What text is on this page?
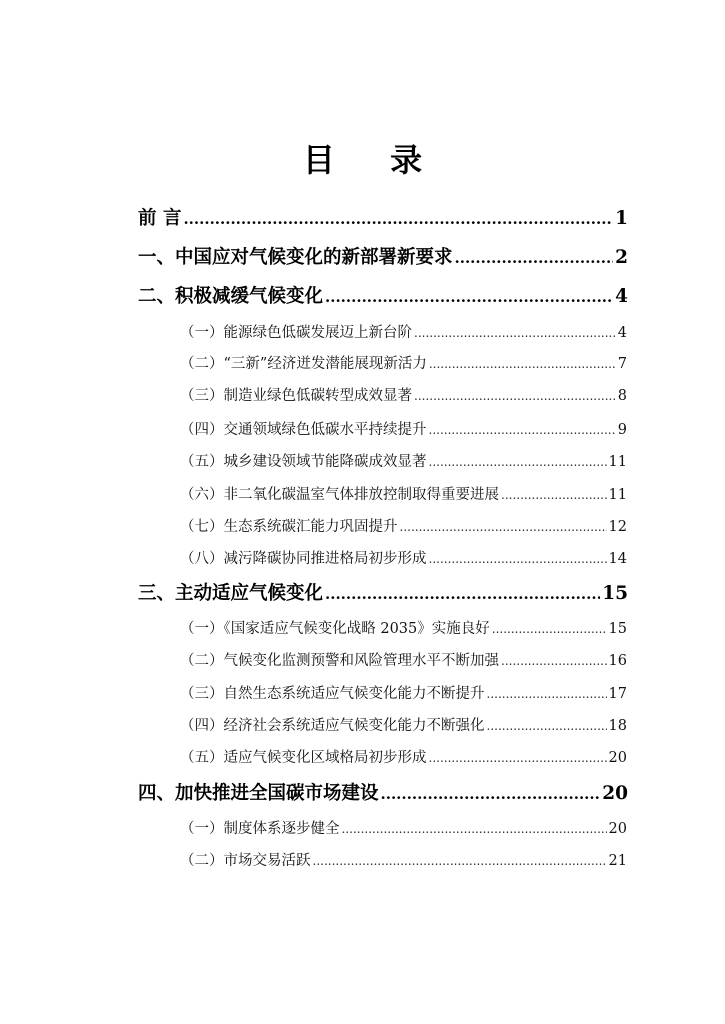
目 录
前 言 .....	1
一、中国应对气候变化的新部署新要求 .....	2
二、积极减缓气候变化 .....	4
（一）能源绿色低碳发展迈上新台阶 .....	4
（二）“三新”经济迸发潜能展现新活力 .....	7
（三）制造业绿色低碳转型成效显著 .....	8
（四）交通领域绿色低碳水平持续提升 .....	9
（五）城乡建设领域节能降碳成效显著 .....	11
（六）非二氧化碳温室气体排放控制取得重要进展 .....	11
（七）生态系统碳汇能力巩固提升 .....	12
（八）减污降碳协同推进格局初步形成 .....	14
三、主动适应气候变化 .....	15
（一）《国家适应气候变化战略 2035》实施良好 .....	15
（二）气候变化监测预警和风险管理水平不断加强 .....	16
（三）自然生态系统适应气候变化能力不断提升 .....	17
（四）经济社会系统适应气候变化能力不断强化 .....	18
（五）适应气候变化区域格局初步形成 .....	20
四、加快推进全国碳市场建设 .....	20
（一）制度体系逐步健全 .....	20
（二）市场交易活跃 .....	21
